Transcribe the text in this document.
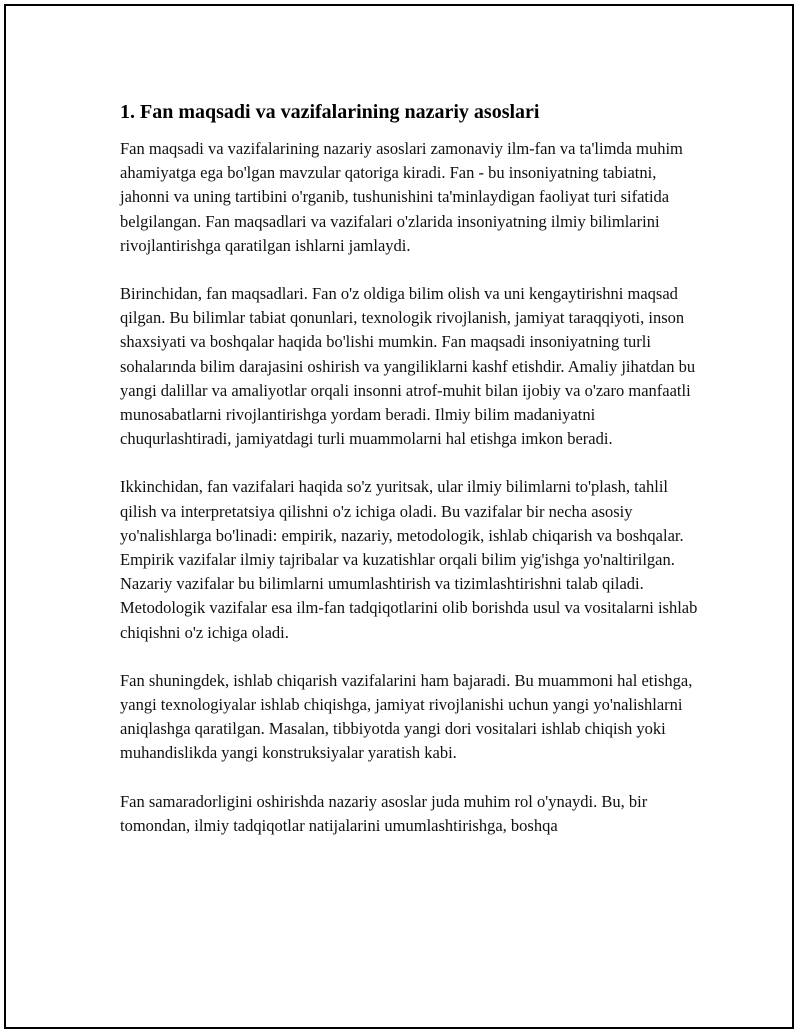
1. Fan maqsadi va vazifalarining nazariy asoslari

Fan maqsadi va vazifalarining nazariy asoslari zamonaviy ilm-fan va ta'limda muhim ahamiyatga ega bo'lgan mavzular qatoriga kiradi. Fan - bu insoniyatning tabiatni, jahonni va uning tartibini o'rganib, tushunishini ta'minlaydigan faoliyat turi sifatida belgilangan. Fan maqsadlari va vazifalari o'zlarida insoniyatning ilmiy bilimlarini rivojlantirishga qaratilgan ishlarni jamlaydi.

Birinchidan, fan maqsadlari. Fan o'z oldiga bilim olish va uni kengaytirishni maqsad qilgan. Bu bilimlar tabiat qonunlari, texnologik rivojlanish, jamiyat taraqqiyoti, inson shaxsiyati va boshqalar haqida bo'lishi mumkin. Fan maqsadi insoniyatning turli sohalarında bilim darajasini oshirish va yangiliklarni kashf etishdir. Amaliy jihatdan bu yangi dalillar va amaliyotlar orqali insonni atrof-muhit bilan ijobiy va o'zaro manfaatli munosabatlarni rivojlantirishga yordam beradi. Ilmiy bilim madaniyatni chuqurlashtiradi, jamiyatdagi turli muammolarni hal etishga imkon beradi.

Ikkinchidan, fan vazifalari haqida so'z yuritsak, ular ilmiy bilimlarni to'plash, tahlil qilish va interpretatsiya qilishni o'z ichiga oladi. Bu vazifalar bir necha asosiy yo'nalishlarga bo'linadi: empirik, nazariy, metodologik, ishlab chiqarish va boshqalar. Empirik vazifalar ilmiy tajribalar va kuzatishlar orqali bilim yig'ishga yo'naltirilgan. Nazariy vazifalar bu bilimlarni umumlashtirish va tizimlashtirishni talab qiladi. Metodologik vazifalar esa ilm-fan tadqiqotlarini olib borishda usul va vositalarni ishlab chiqishni o'z ichiga oladi.

Fan shuningdek, ishlab chiqarish vazifalarini ham bajaradi. Bu muammoni hal etishga, yangi texnologiyalar ishlab chiqishga, jamiyat rivojlanishi uchun yangi yo'nalishlarni aniqlashga qaratilgan. Masalan, tibbiyotda yangi dori vositalari ishlab chiqish yoki muhandislikda yangi konstruksiyalar yaratish kabi.

Fan samaradorligini oshirishda nazariy asoslar juda muhim rol o'ynaydi. Bu, bir tomondan, ilmiy tadqiqotlar natijalarini umumlashtirishga, boshqa
